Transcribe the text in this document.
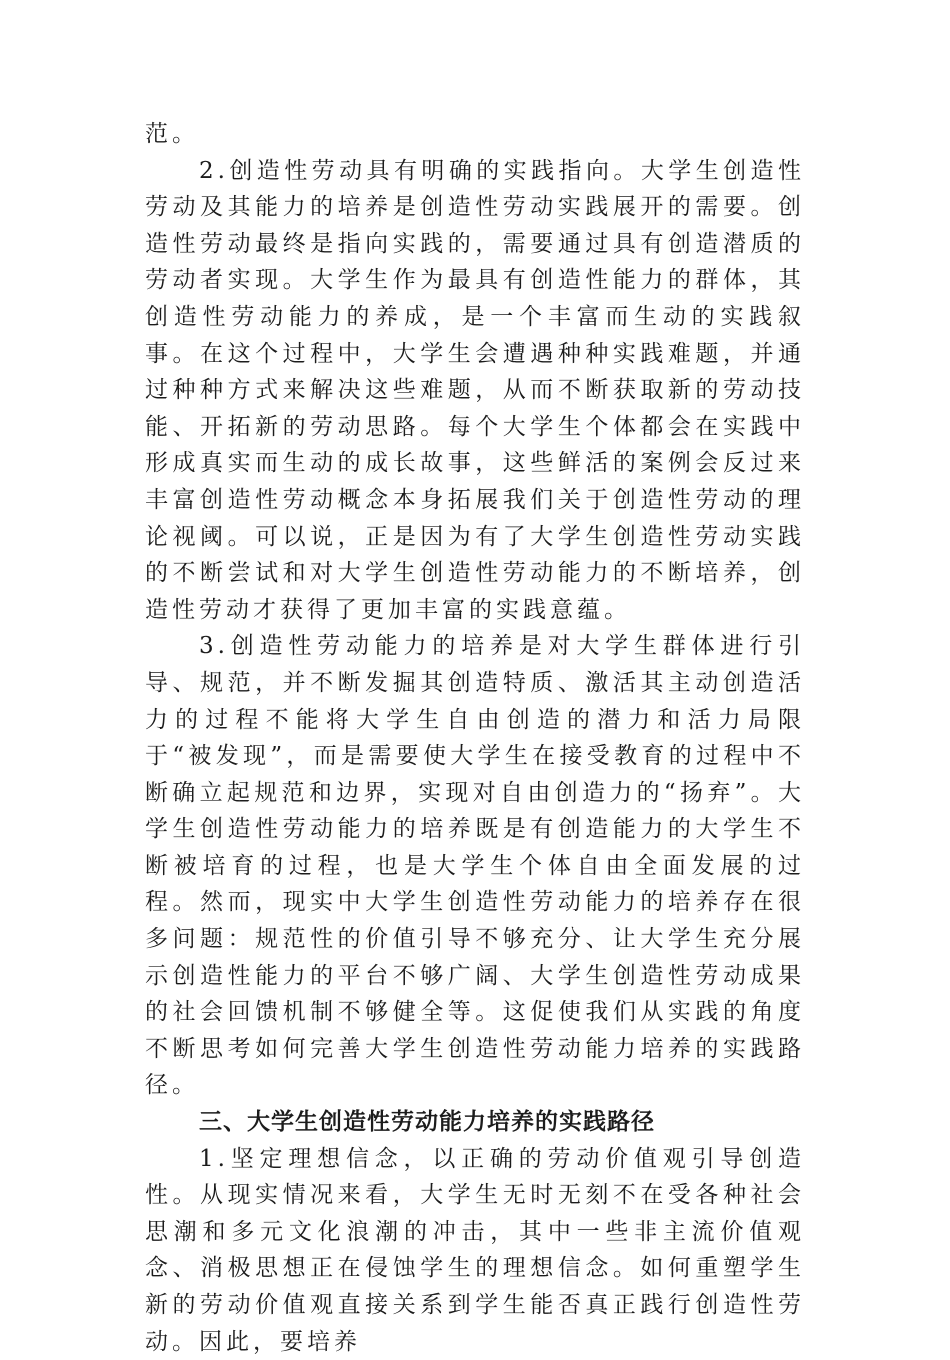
范。

2.创造性劳动具有明确的实践指向。大学生创造性劳动及其能力的培养是创造性劳动实践展开的需要。创造性劳动最终是指向实践的，需要通过具有创造潜质的劳动者实现。大学生作为最具有创造性能力的群体，其创造性劳动能力的养成，是一个丰富而生动的实践叙事。在这个过程中，大学生会遭遇种种实践难题，并通过种种方式来解决这些难题，从而不断获取新的劳动技能、开拓新的劳动思路。每个大学生个体都会在实践中形成真实而生动的成长故事，这些鲜活的案例会反过来丰富创造性劳动概念本身拓展我们关于创造性劳动的理论视阈。可以说，正是因为有了大学生创造性劳动实践的不断尝试和对大学生创造性劳动能力的不断培养，创造性劳动才获得了更加丰富的实践意蕴。

3.创造性劳动能力的培养是对大学生群体进行引导、规范，并不断发掘其创造特质、激活其主动创造活力的过程不能将大学生自由创造的潜力和活力局限于“被发现”，而是需要使大学生在接受教育的过程中不断确立起规范和边界，实现对自由创造力的“扬弃”。大学生创造性劳动能力的培养既是有创造能力的大学生不断被培育的过程，也是大学生个体自由全面发展的过程。然而，现实中大学生创造性劳动能力的培养存在很多问题：规范性的价值引导不够充分、让大学生充分展示创造性能力的平台不够广阔、大学生创造性劳动成果的社会回馈机制不够健全等。这促使我们从实践的角度不断思考如何完善大学生创造性劳动能力培养的实践路径。

三、大学生创造性劳动能力培养的实践路径

1.坚定理想信念，以正确的劳动价值观引导创造性。从现实情况来看，大学生无时无刻不在受各种社会思潮和多元文化浪潮的冲击，其中一些非主流价值观念、消极思想正在侵蚀学生的理想信念。如何重塑学生新的劳动价值观直接关系到学生能否真正践行创造性劳动。因此，要培养
